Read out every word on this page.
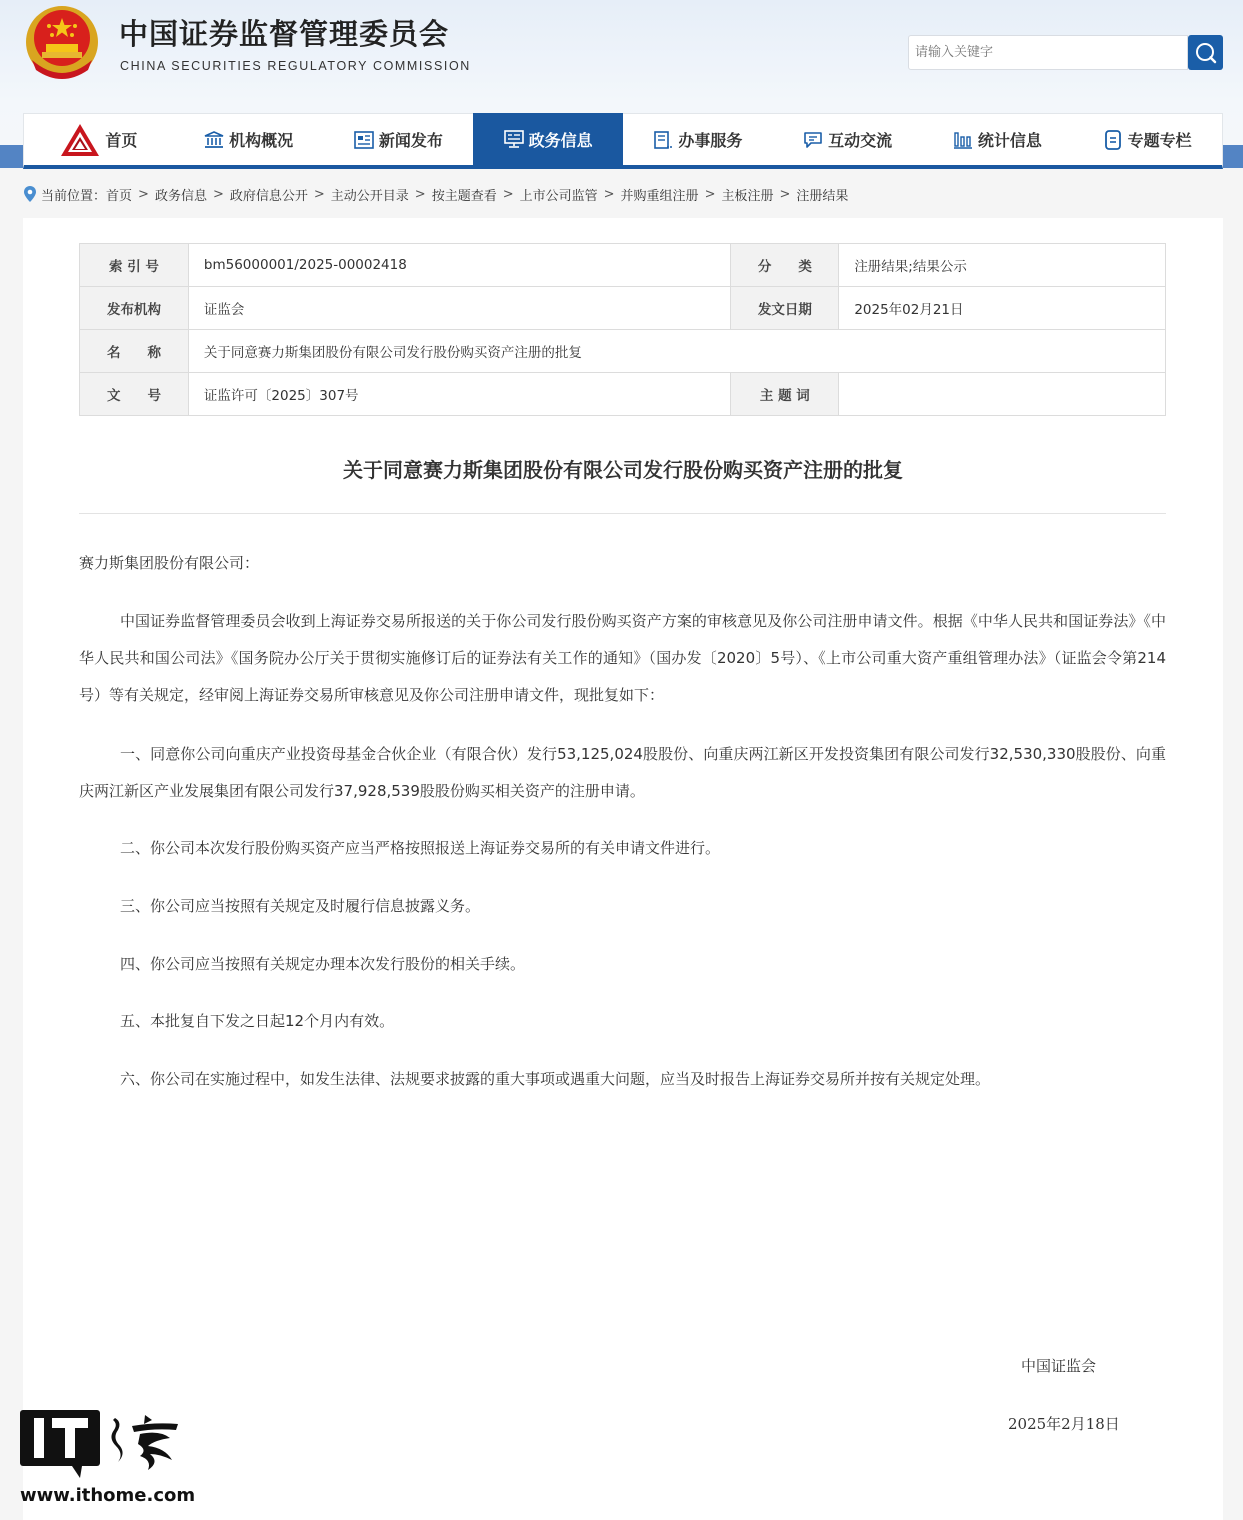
中国证券监督管理委员会
CHINA SECURITIES REGULATORY COMMISSION
请输入关键字
首页	机构概况	新闻发布	政务信息	办事服务	互动交流	统计信息	专题专栏
当前位置： 首页 > 政务信息 > 政府信息公开 > 主动公开目录 > 按主题查看 > 上市公司监管 > 并购重组注册 > 主板注册 > 注册结果
索 引 号	bm56000001/2025-00002418	分　　类	注册结果;结果公示
发布机构	证监会	发文日期	2025年02月21日
名　　称	关于同意赛力斯集团股份有限公司发行股份购买资产注册的批复		
文　　号	证监许可〔2025〕307号	主 题 词	
关于同意赛力斯集团股份有限公司发行股份购买资产注册的批复
赛力斯集团股份有限公司：
中国证券监督管理委员会收到上海证券交易所报送的关于你公司发行股份购买资产方案的审核意见及你公司注册申请文件。根据《中华人民共和国证券法》《中华人民共和国公司法》《国务院办公厅关于贯彻实施修订后的证券法有关工作的通知》（国办发〔2020〕5号）、《上市公司重大资产重组管理办法》（证监会令第214号）等有关规定，经审阅上海证券交易所审核意见及你公司注册申请文件，现批复如下：
一、同意你公司向重庆产业投资母基金合伙企业（有限合伙）发行53,125,024股股份、向重庆两江新区开发投资集团有限公司发行32,530,330股股份、向重庆两江新区产业发展集团有限公司发行37,928,539股股份购买相关资产的注册申请。
二、你公司本次发行股份购买资产应当严格按照报送上海证券交易所的有关申请文件进行。
三、你公司应当按照有关规定及时履行信息披露义务。
四、你公司应当按照有关规定办理本次发行股份的相关手续。
五、本批复自下发之日起12个月内有效。
六、你公司在实施过程中，如发生法律、法规要求披露的重大事项或遇重大问题，应当及时报告上海证券交易所并按有关规定处理。
中国证监会
2025年2月18日
www.ithome.com
